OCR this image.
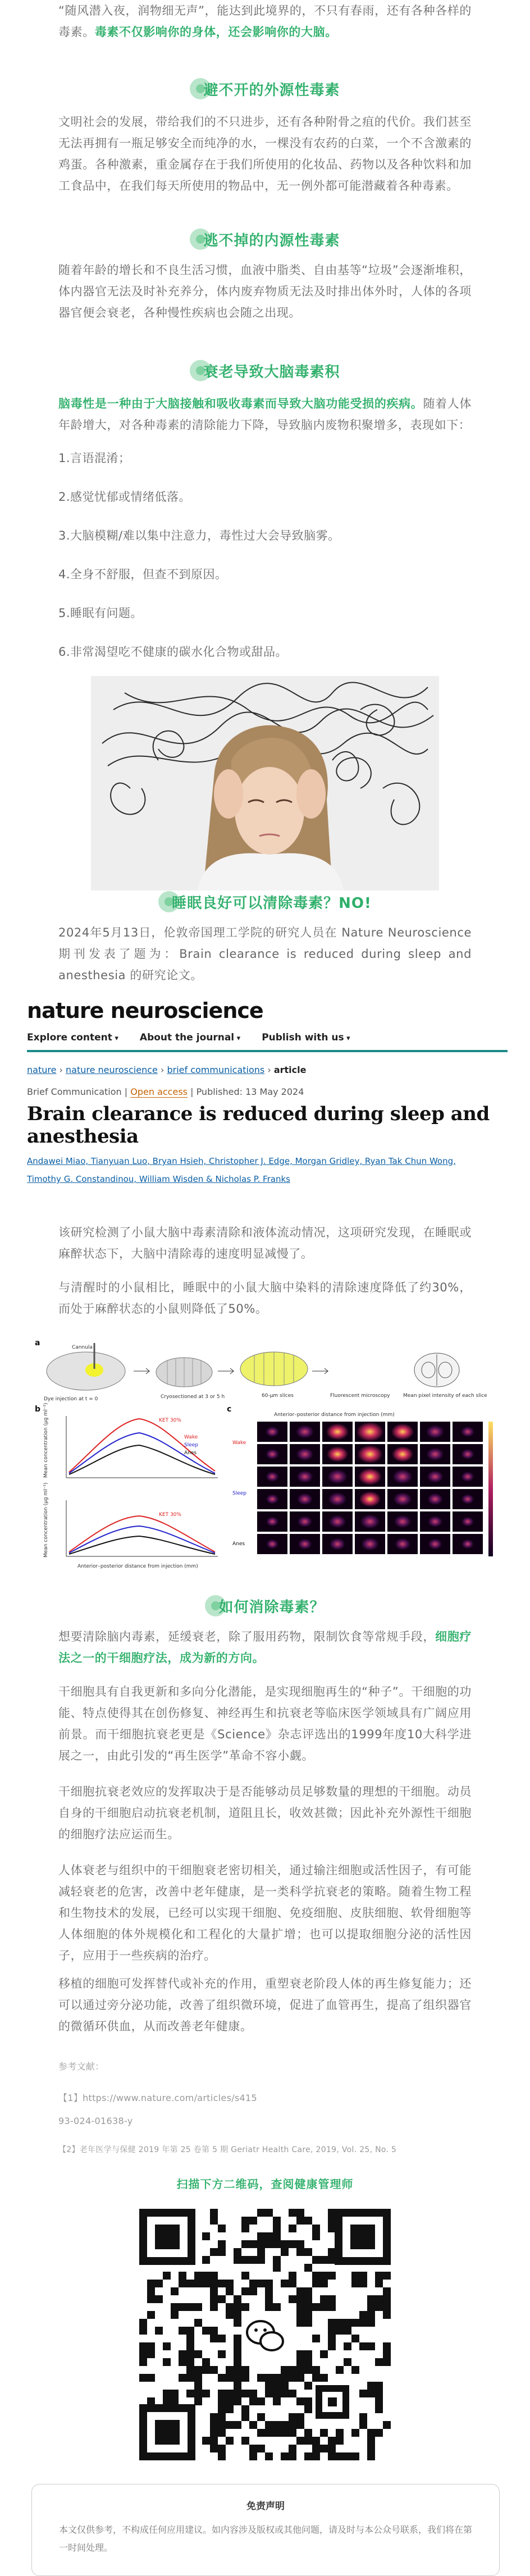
“随风潜入夜，润物细无声”，能达到此境界的，不只有春雨，还有各种各样的毒素。毒素不仅影响你的身体，还会影响你的大脑。
避不开的外源性毒素
文明社会的发展，带给我们的不只进步，还有各种附骨之疽的代价。我们甚至无法再拥有一瓶足够安全而纯净的水，一棵没有农药的白菜，一个不含激素的鸡蛋。各种激素，重金属存在于我们所使用的化妆品、药物以及各种饮料和加工食品中，在我们每天所使用的物品中，无一例外都可能潜藏着各种毒素。
逃不掉的内源性毒素
随着年龄的增长和不良生活习惯，血液中脂类、自由基等“垃圾”会逐渐堆积，体内器官无法及时补充养分，体内废弃物质无法及时排出体外时，人体的各项器官便会衰老，各种慢性疾病也会随之出现。
衰老导致大脑毒素积
脑毒性是一种由于大脑接触和吸收毒素而导致大脑功能受损的疾病。随着人体年龄增大，对各种毒素的清除能力下降，导致脑内废物积聚增多，表现如下：
1.言语混淆；
2.感觉忧郁或情绪低落。
3.大脑模糊/难以集中注意力，毒性过大会导致脑雾。
4.全身不舒服，但查不到原因。
5.睡眠有问题。
6.非常渴望吃不健康的碳水化合物或甜品。
睡眠良好可以清除毒素？NO!
2024年5月13日，伦敦帝国理工学院的研究人员在 Nature Neuroscience 期刊发表了题为：Brain clearance is reduced during sleep and anesthesia 的研究论文。
nature neuroscience
Explore content ▾	About the journal ▾	Publish with us ▾
nature › nature neuroscience › brief communications › article
Brief Communication | Open access | Published: 13 May 2024
Brain clearance is reduced during sleep and anesthesia
Andawei Miao, Tianyuan Luo, Bryan Hsieh, Christopher J. Edge, Morgan Gridley, Ryan Tak Chun Wong,
Timothy G. Constandinou, William Wisden & Nicholas P. Franks
该研究检测了小鼠大脑中毒素清除和液体流动情况，这项研究发现，在睡眠或麻醉状态下，大脑中清除毒的速度明显减慢了。
与清醒时的小鼠相比，睡眠中的小鼠大脑中染料的清除速度降低了约30%，而处于麻醉状态的小鼠则降低了50%。
a	Cannula
Dye injection at t = 0	Cryosectioned at 3 or 5 h	60-μm slices	Fluorescent microscopy	Mean pixel intensity of each slice
b
KET 30%
Wake
Sleep
Anes
Mean concentration (μg ml⁻¹)
KET 30%
Mean concentration (μg ml⁻¹)
Anterior–posterior distance from injection (mm)
c
Anterior–posterior distance from injection (mm)
Wake
Sleep
Anes
如何消除毒素？
想要清除脑内毒素，延缓衰老，除了服用药物，限制饮食等常规手段，细胞疗法之一的干细胞疗法，成为新的方向。
干细胞具有自我更新和多向分化潜能，是实现细胞再生的“种子”。干细胞的功能、特点使得其在创伤修复、神经再生和抗衰老等临床医学领域具有广阔应用前景。而干细胞抗衰老更是《Science》杂志评选出的1999年度10大科学进展之一，由此引发的“再生医学”革命不容小觑。
干细胞抗衰老效应的发挥取决于是否能够动员足够数量的理想的干细胞。动员自身的干细胞启动抗衰老机制，道阻且长，收效甚微；因此补充外源性干细胞的细胞疗法应运而生。
人体衰老与组织中的干细胞衰老密切相关，通过输注细胞或活性因子，有可能减轻衰老的危害，改善中老年健康，是一类科学抗衰老的策略。随着生物工程和生物技术的发展，已经可以实现干细胞、免疫细胞、皮肤细胞、软骨细胞等人体细胞的体外规模化和工程化的大量扩增；也可以提取细胞分泌的活性因子，应用于一些疾病的治疗。
移植的细胞可发挥替代或补充的作用，重塑衰老阶段人体的再生修复能力；还可以通过旁分泌功能，改善了组织微环境，促进了血管再生，提高了组织器官的微循环供血，从而改善老年健康。
参考文献：
【1】https://www.nature.com/articles/s415
93-024-01638-y
【2】老年医学与保健 2019 年第 25 卷第 5 期 Geriatr Health Care, 2019, Vol. 25, No. 5
扫描下方二维码，查阅健康管理师
免责声明
本文仅供参考，不构成任何应用建议。如内容涉及版权或其他问题，请及时与本公众号联系，我们将在第一时间处理。
